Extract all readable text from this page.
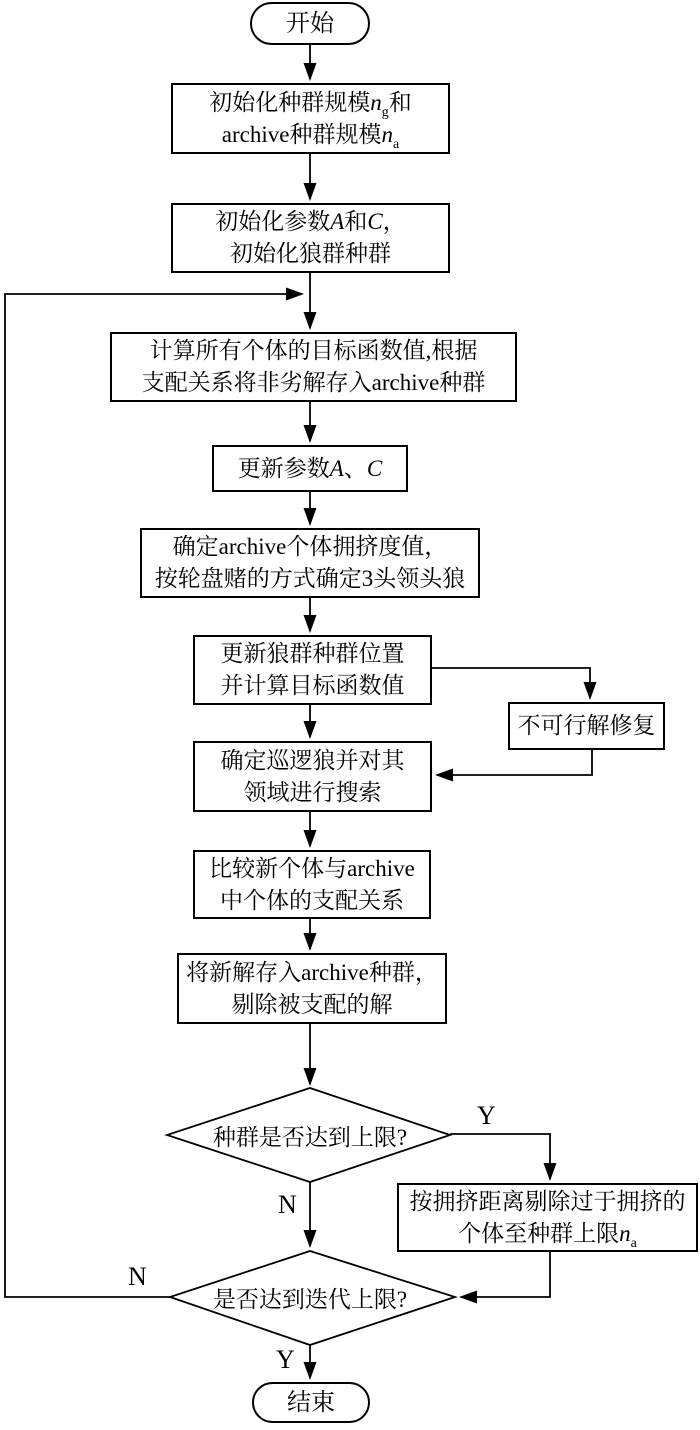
开始
初始化种群规模$n_g$和
archive种群规模$n_a$
初始化参数A和C，
初始化狼群种群
计算所有个体的目标函数值,根据
支配关系将非劣解存入archive种群
更新参数A、C
确定archive个体拥挤度值，
按轮盘赌的方式确定3头领头狼
更新狼群种群位置
并计算目标函数值
不可行解修复
确定巡逻狼并对其
领域进行搜索
比较新个体与archive
中个体的支配关系
将新解存入archive种群，
剔除被支配的解
种群是否达到上限?
按拥挤距离剔除过于拥挤的
个体至种群上限$n_a$
是否达到迭代上限?
结束
Y
N
N
Y
